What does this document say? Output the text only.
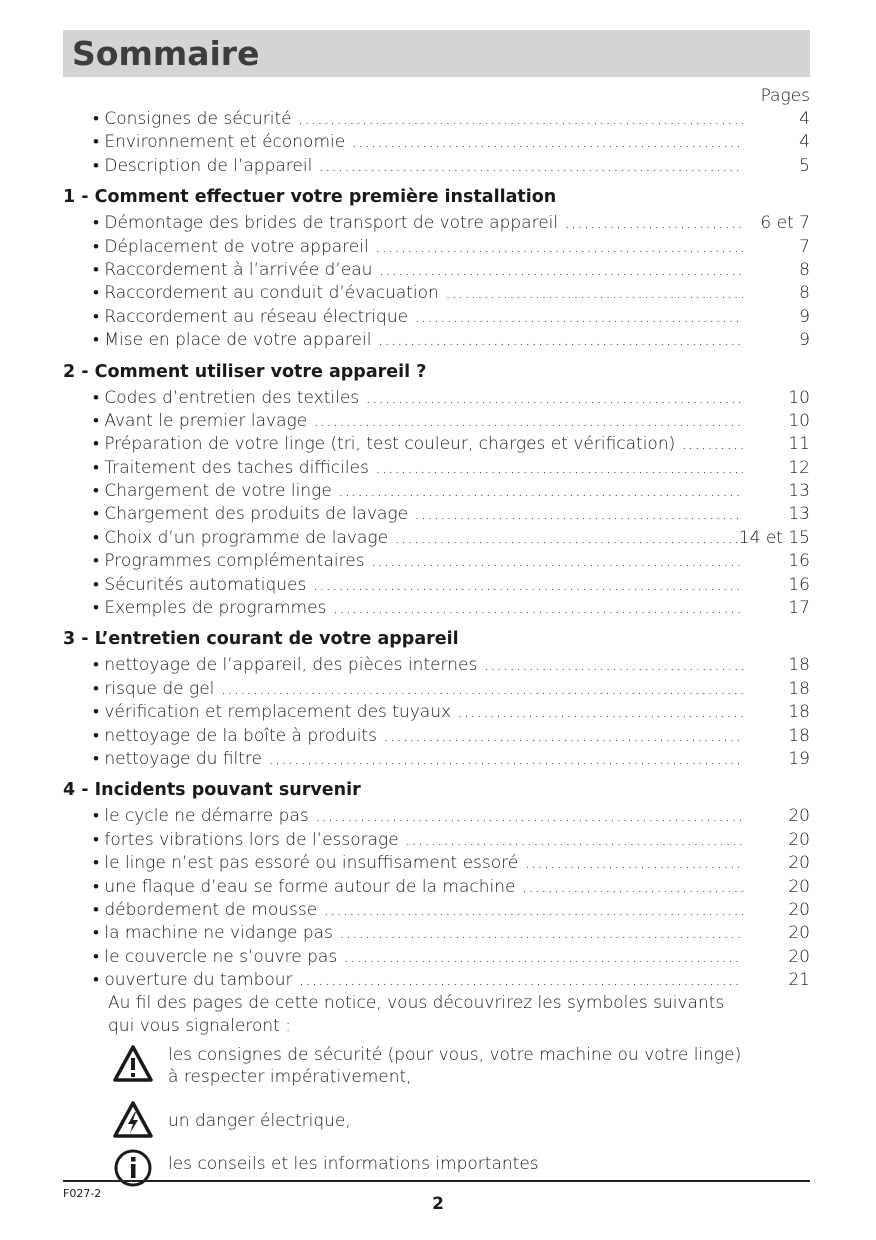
Sommaire
Pages
• Consignes de sécurité .....	4
• Environnement et économie .....	4
• Description de l’appareil .....	5
1 - Comment effectuer votre première installation
• Démontage des brides de transport de votre appareil .....	6 et 7
• Déplacement de votre appareil .....	7
• Raccordement à l’arrivée d’eau .....	8
• Raccordement au conduit d’évacuation .....	8
• Raccordement au réseau électrique .....	9
• Mise en place de votre appareil .....	9
2 - Comment utiliser votre appareil ?
• Codes d’entretien des textiles .....	10
• Avant le premier lavage .....	10
• Préparation de votre linge (tri, test couleur, charges et vérification) .....	11
• Traitement des taches difficiles .....	12
• Chargement de votre linge .....	13
• Chargement des produits de lavage .....	13
• Choix d’un programme de lavage .....	14 et 15
• Programmes complémentaires .....	16
• Sécurités automatiques .....	16
• Exemples de programmes .....	17
3 - L’entretien courant de votre appareil
• nettoyage de l’appareil, des pièces internes .....	18
• risque de gel .....	18
• vérification et remplacement des tuyaux .....	18
• nettoyage de la boîte à produits .....	18
• nettoyage du filtre .....	19
4 - Incidents pouvant survenir
• le cycle ne démarre pas .....	20
• fortes vibrations lors de l’essorage .....	20
• le linge n’est pas essoré ou insuffisament essoré .....	20
• une flaque d’eau se forme autour de la machine .....	20
• débordement de mousse .....	20
• la machine ne vidange pas .....	20
• le couvercle ne s’ouvre pas .....	20
• ouverture du tambour .....	21
Au fil des pages de cette notice, vous découvrirez les symboles suivants
qui vous signaleront :
les consignes de sécurité (pour vous, votre machine ou votre linge)
à respecter impérativement,
un danger électrique,
les conseils et les informations importantes
F027-2
2
